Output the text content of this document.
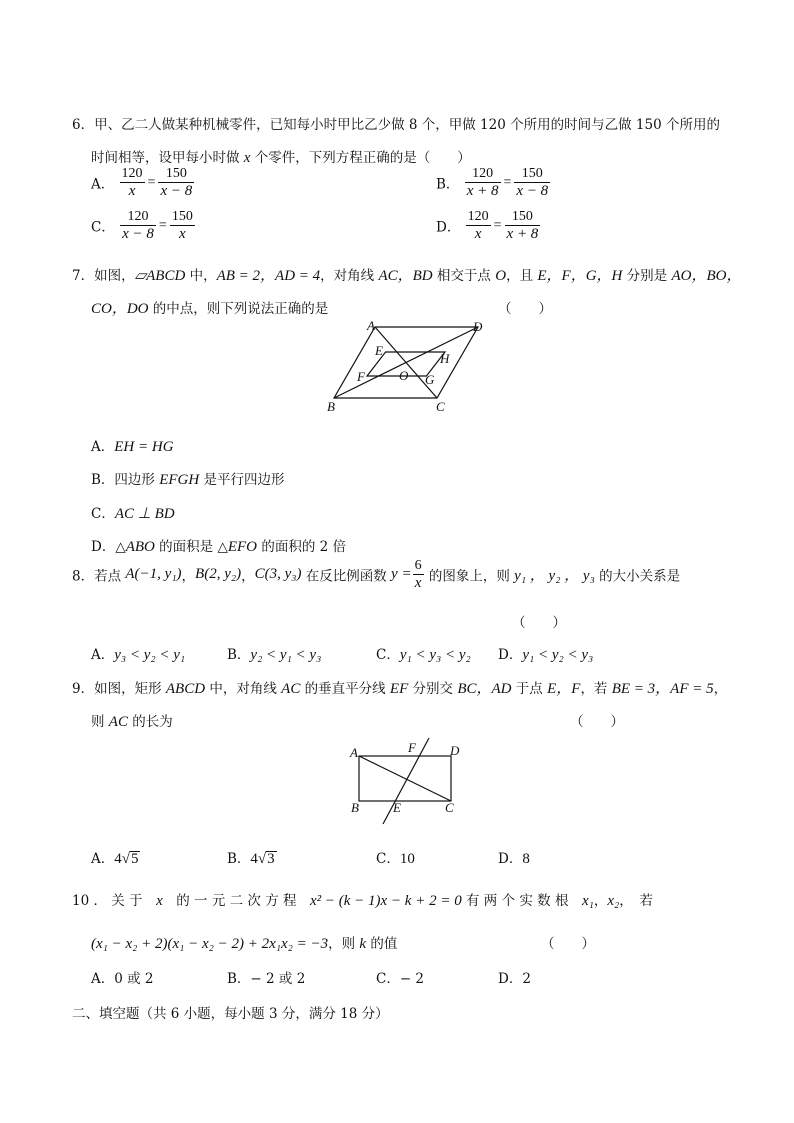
6．甲、乙二人做某种机械零件，已知每小时甲比乙少做 8 个，甲做 120 个所用的时间与乙做 150 个所用的
时间相等，设甲每小时做 x 个零件，下列方程正确的是（　　）
A． $\frac{120}{x} = \frac{150}{x - 8}$	B． $\frac{120}{x + 8} = \frac{150}{x - 8}$
C． $\frac{120}{x - 8} = \frac{150}{x}$	D． $\frac{120}{x} = \frac{150}{x + 8}$
7．如图，▱ABCD 中，AB = 2，AD = 4，对角线 AC，BD 相交于点 O，且 E，F，G，H 分别是 AO，BO，
CO，DO 的中点，则下列说法正确的是	（　　）
A	D
E
H
F	O G
B	C
A．EH = HG
B．四边形 EFGH 是平行四边形
C．AC ⊥ BD
D．△ABO 的面积是 △EFO 的面积的 2 倍
8．若点 A(−1, y₁)，B(2, y₂)，C(3, y₃) 在反比例函数 $y = \frac{6}{x}$ 的图象上，则 y₁ ， y₂ ， y₃ 的大小关系是
（　　）
A．y₃ < y₂ < y₁	B．y₂ < y₁ < y₃	C．y₁ < y₃ < y₂ D．y₁ < y₂ < y₃
9．如图，矩形 ABCD 中，对角线 AC 的垂直平分线 EF 分别交 BC，AD 于点 E，F，若 BE = 3，AF = 5，
则 AC 的长为	（　　）
A	F	D
B	E	C
A．4√5	B．4√3	C．10	D．8
10 ． 关 于　x　的 一 元 二 次 方 程　x² − (k − 1)x − k + 2 = 0 有 两 个 实 数 根　x₁，x₂，　若
(x₁ − x₂ + 2)(x₁ − x₂ − 2) + 2x₁x₂ = −3，则 k 的值	（　　）
A．0 或 2	B．− 2 或 2	C．− 2	D．2
二、填空题（共 6 小题，每小题 3 分，满分 18 分）
